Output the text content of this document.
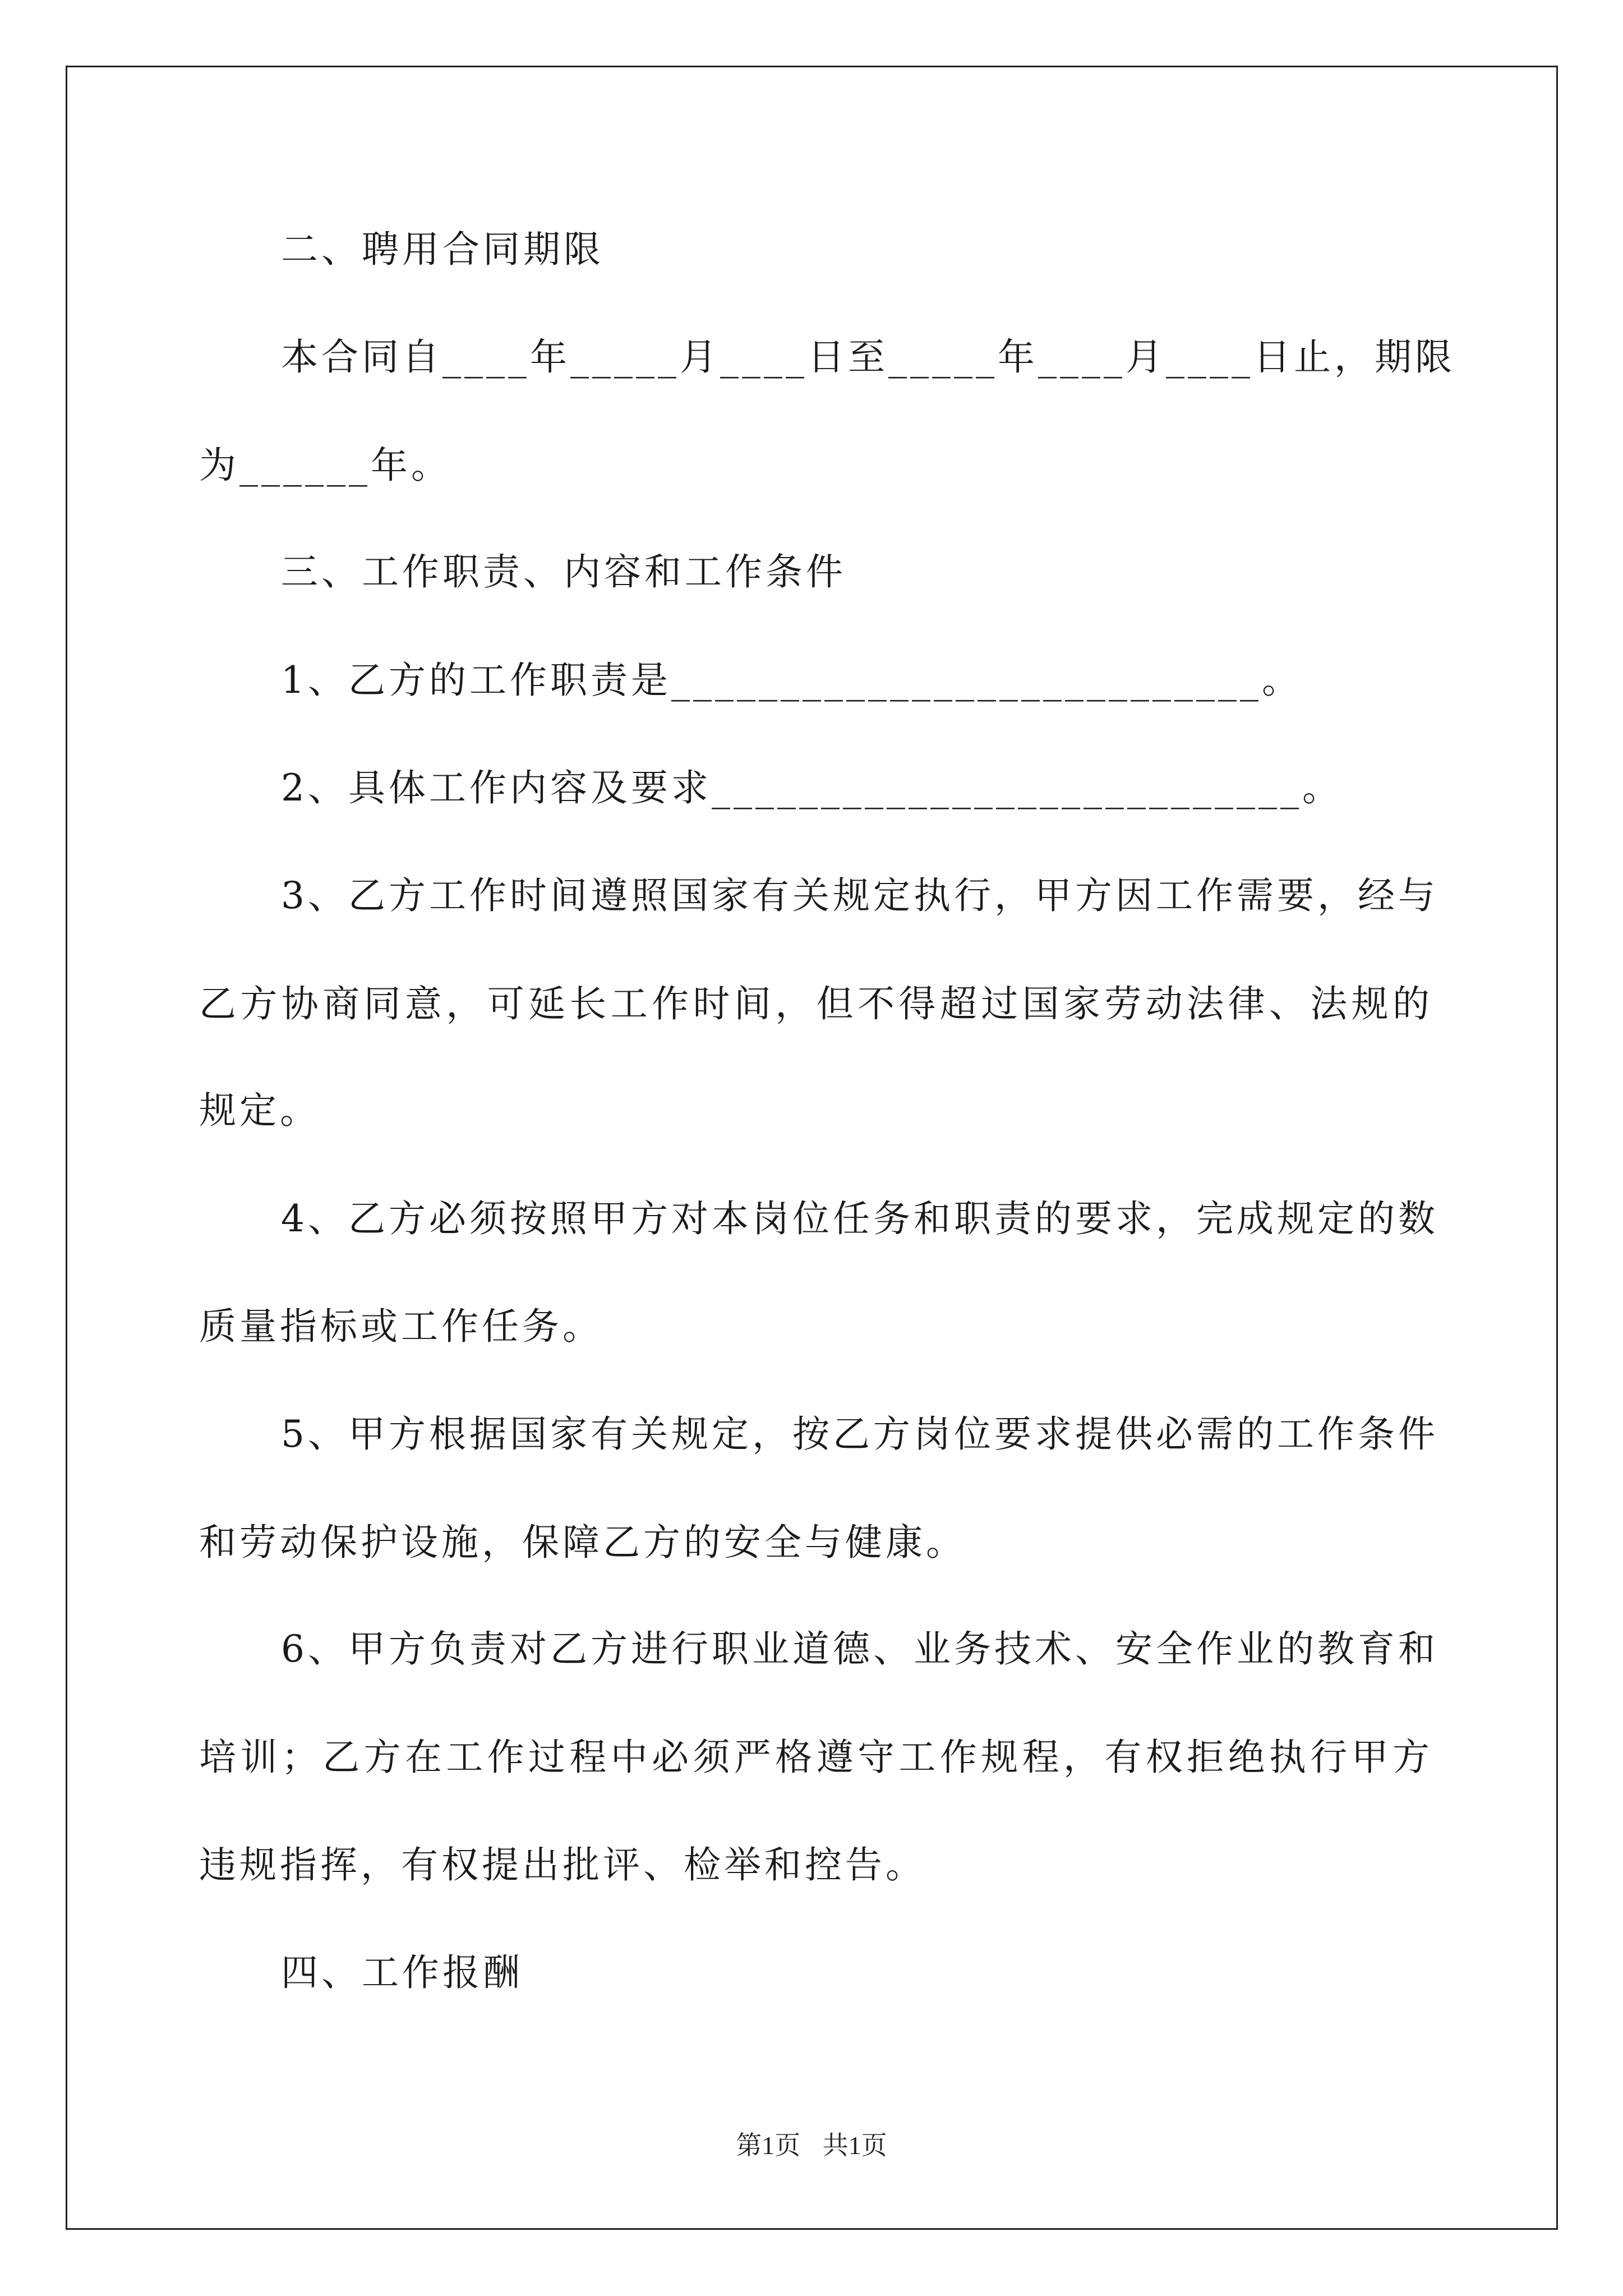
二、聘用合同期限

本合同自____年_____月____日至_____年____月____日止，期限

为______年。

三、工作职责、内容和工作条件

1、乙方的工作职责是___________________________。

2、具体工作内容及要求___________________________。

3、乙方工作时间遵照国家有关规定执行，甲方因工作需要，经与

乙方协商同意，可延长工作时间，但不得超过国家劳动法律、法规的

规定。

4、乙方必须按照甲方对本岗位任务和职责的要求，完成规定的数

质量指标或工作任务。

5、甲方根据国家有关规定，按乙方岗位要求提供必需的工作条件

和劳动保护设施，保障乙方的安全与健康。

6、甲方负责对乙方进行职业道德、业务技术、安全作业的教育和

培训；乙方在工作过程中必须严格遵守工作规程，有权拒绝执行甲方

违规指挥，有权提出批评、检举和控告。

四、工作报酬

第1页 共1页
